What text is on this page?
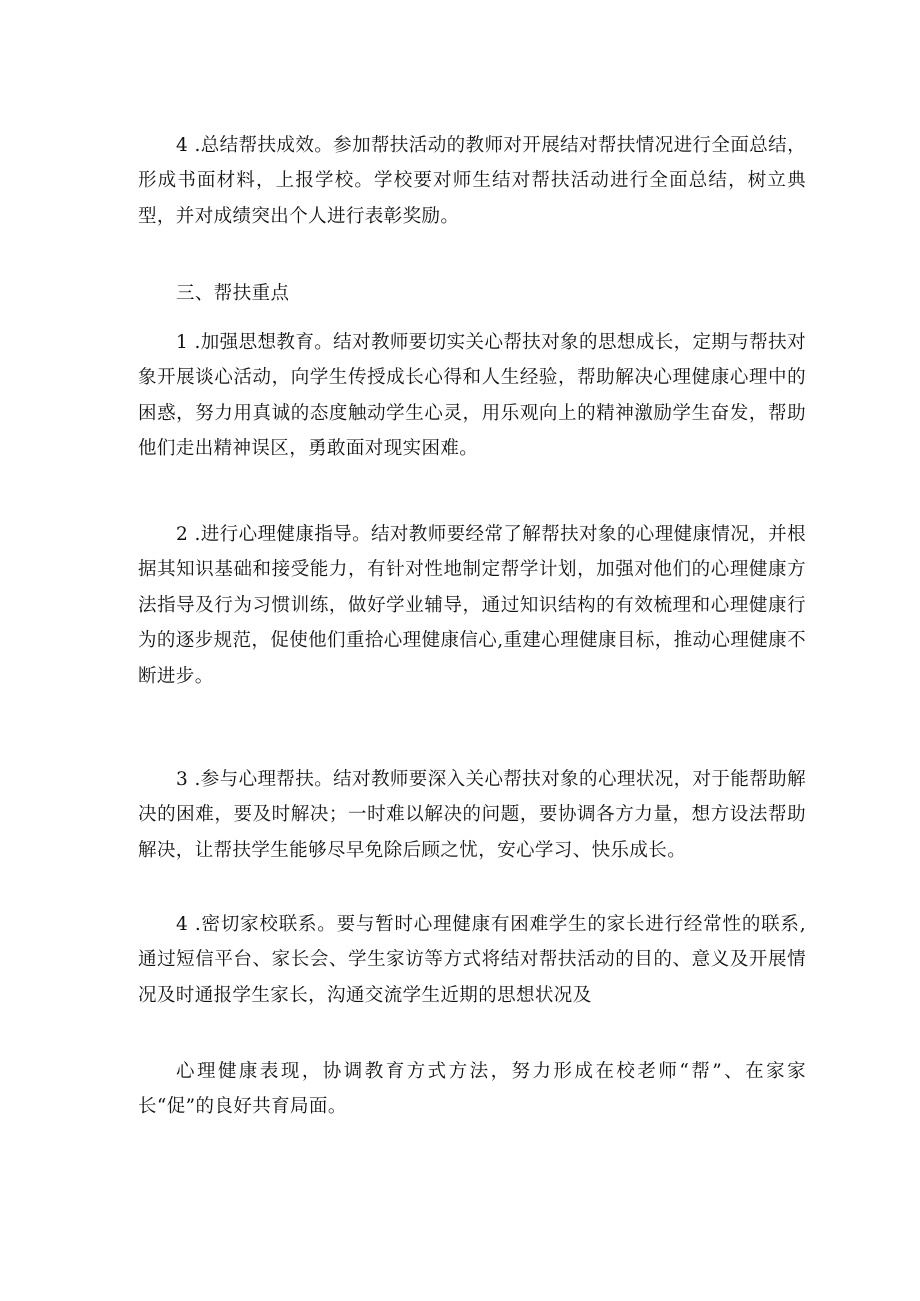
4 .总结帮扶成效。参加帮扶活动的教师对开展结对帮扶情况进行全面总结，形成书面材料，上报学校。学校要对师生结对帮扶活动进行全面总结，树立典型，并对成绩突出个人进行表彰奖励。

三、帮扶重点

1 .加强思想教育。结对教师要切实关心帮扶对象的思想成长，定期与帮扶对象开展谈心活动，向学生传授成长心得和人生经验，帮助解决心理健康心理中的困惑，努力用真诚的态度触动学生心灵，用乐观向上的精神激励学生奋发，帮助他们走出精神误区，勇敢面对现实困难。

2 .进行心理健康指导。结对教师要经常了解帮扶对象的心理健康情况，并根据其知识基础和接受能力，有针对性地制定帮学计划，加强对他们的心理健康方法指导及行为习惯训练，做好学业辅导，通过知识结构的有效梳理和心理健康行为的逐步规范，促使他们重拾心理健康信心,重建心理健康目标，推动心理健康不断进步。

3 .参与心理帮扶。结对教师要深入关心帮扶对象的心理状况，对于能帮助解决的困难，要及时解决；一时难以解决的问题，要协调各方力量，想方设法帮助解决，让帮扶学生能够尽早免除后顾之忧，安心学习、快乐成长。

4 .密切家校联系。要与暂时心理健康有困难学生的家长进行经常性的联系,通过短信平台、家长会、学生家访等方式将结对帮扶活动的目的、意义及开展情况及时通报学生家长，沟通交流学生近期的思想状况及

心理健康表现，协调教育方式方法，努力形成在校老师“帮”、在家家长“促”的良好共育局面。
